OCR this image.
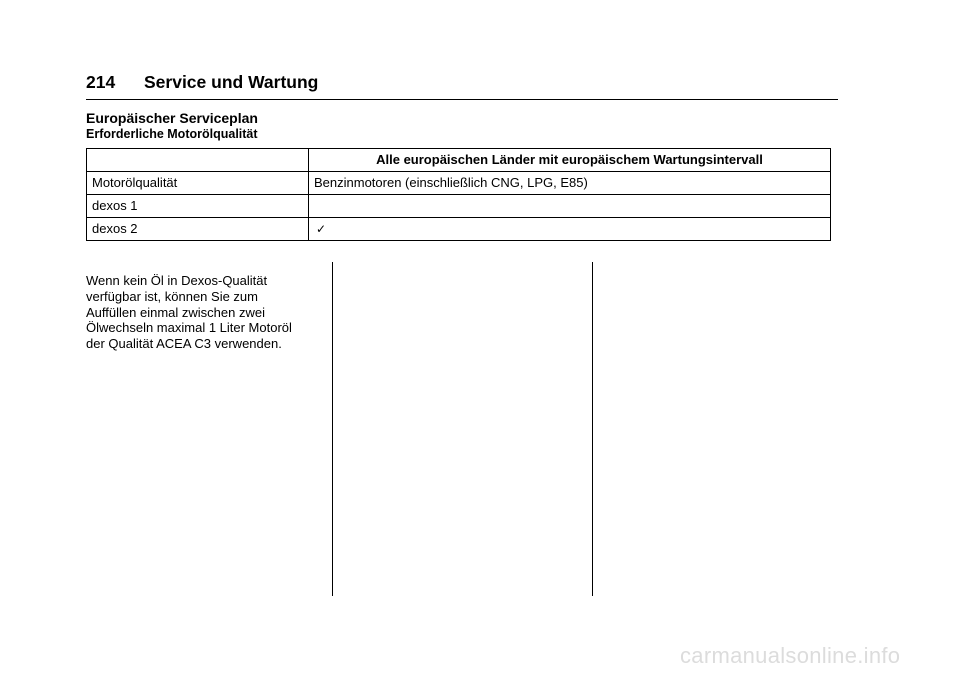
214 Service und Wartung
Europäischer Serviceplan
Erforderliche Motorölqualität
	Alle europäischen Länder mit europäischem Wartungsintervall
Motorölqualität	Benzinmotoren (einschließlich CNG, LPG, E85)
dexos 1	
dexos 2	✓
Wenn kein Öl in Dexos-Qualität
verfügbar ist, können Sie zum
Auffüllen einmal zwischen zwei
Ölwechseln maximal 1 Liter Motoröl
der Qualität ACEA C3 verwenden.
carmanualsonline.info
